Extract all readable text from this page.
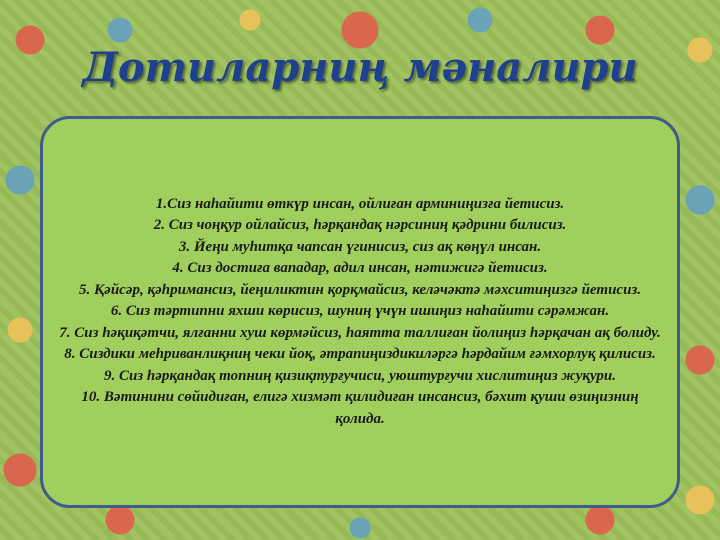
Дотиларниң мәналири

1.Сиз наһайити өткүр инсан, ойлиған арминиңизға йетисиз.

2. Сиз чоңқур ойлайсиз, һәрқандақ нәрсиниң қәдрини билисиз.

3. Йеңи муһитқа чапсан үгинисиз, сиз ақ көңүл инсан.

4. Сиз достиға вападар, адил инсан, нәтижигә йетисиз.

5. Қәйсәр, қәһримансиз, йеңиликтин қорқмайсиз, келәчәктә мәхситиңизгә йетисиз.

6. Сиз тәртипни яхши көрисиз, шуниң үчүн ишиңиз наһайити сәрәмжан.

7. Сиз һәқиқәтчи, ялғанни хуш көрмәйсиз, һаятта таллиған йолиңиз һәрқачан ақ болиду.

8. Сиздики меһриванлиқниң чеки йоқ, әтрапиңиздикиләргә һәрдайим ғәмхорлуқ қилисиз.

9. Сиз һәрқандақ топниң қизиқтурғучиси, уюштурғучи хислитиңиз жуқури.

10. Вәтинини сөйидиған, елигә хизмәт қилидиған инсансиз, бәхит қуши өзиңизниң қолида.
